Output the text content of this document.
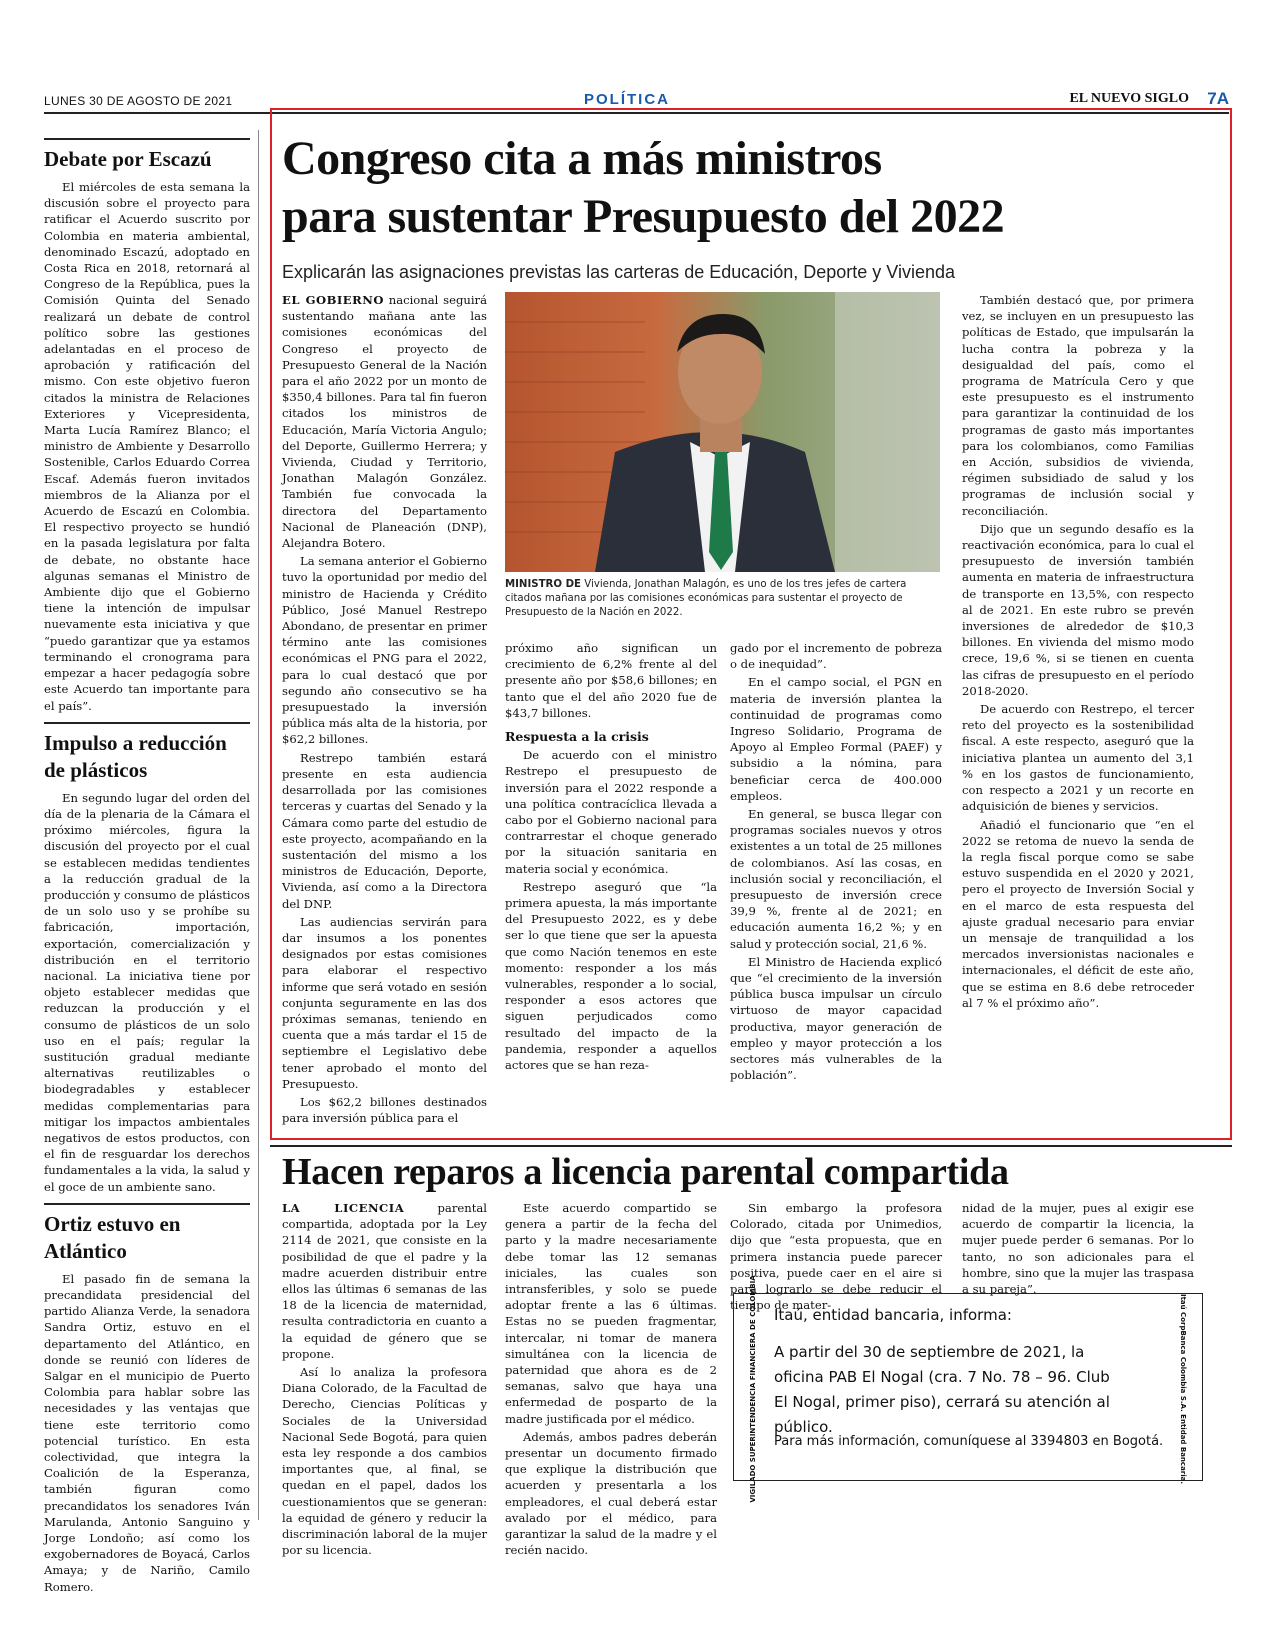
LUNES 30 DE AGOSTO DE 2021	POLÍTICA	EL NUEVO SIGLO 7A
Debate por Escazú

El miércoles de esta semana la discusión sobre el proyecto para ratificar el Acuerdo suscrito por Colombia en materia ambiental, denominado Escazú, adoptado en Costa Rica en 2018, retornará al Congreso de la República, pues la Comisión Quinta del Senado realizará un debate de control político sobre las gestiones adelantadas en el proceso de aprobación y ratificación del mismo. Con este objetivo fueron citados la ministra de Relaciones Exteriores y Vicepresidenta, Marta Lucía Ramírez Blanco; el ministro de Ambiente y Desarrollo Sostenible, Carlos Eduardo Correa Escaf. Además fueron invitados miembros de la Alianza por el Acuerdo de Escazú en Colombia. El respectivo proyecto se hundió en la pasada legislatura por falta de debate, no obstante hace algunas semanas el Ministro de Ambiente dijo que el Gobierno tiene la intención de impulsar nuevamente esta iniciativa y que “puedo garantizar que ya estamos terminando el cronograma para empezar a hacer pedagogía sobre este Acuerdo tan importante para el país”.

Impulso a reducción de plásticos

En segundo lugar del orden del día de la plenaria de la Cámara el próximo miércoles, figura la discusión del proyecto por el cual se establecen medidas tendientes a la reducción gradual de la producción y consumo de plásticos de un solo uso y se prohíbe su fabricación, importación, exportación, comercialización y distribución en el territorio nacional. La iniciativa tiene por objeto establecer medidas que reduzcan la producción y el consumo de plásticos de un solo uso en el país; regular la sustitución gradual mediante alternativas reutilizables o biodegradables y establecer medidas complementarias para mitigar los impactos ambientales negativos de estos productos, con el fin de resguardar los derechos fundamentales a la vida, la salud y el goce de un ambiente sano.

Ortiz estuvo en Atlántico

El pasado fin de semana la precandidata presidencial del partido Alianza Verde, la senadora Sandra Ortiz, estuvo en el departamento del Atlántico, en donde se reunió con líderes de Salgar en el municipio de Puerto Colombia para hablar sobre las necesidades y las ventajas que tiene este territorio como potencial turístico. En esta colectividad, que integra la Coalición de la Esperanza, también figuran como precandidatos los senadores Iván Marulanda, Antonio Sanguino y Jorge Londoño; así como los exgobernadores de Boyacá, Carlos Amaya; y de Nariño, Camilo Romero.

Congreso cita a más ministros
para sustentar Presupuesto del 2022
Explicarán las asignaciones previstas las carteras de Educación, Deporte y Vivienda

EL GOBIERNO nacional seguirá sustentando mañana ante las comisiones económicas del Congreso el proyecto de Presupuesto General de la Nación para el año 2022 por un monto de $350,4 billones. Para tal fin fueron citados los ministros de Educación, María Victoria Angulo; del Deporte, Guillermo Herrera; y Vivienda, Ciudad y Territorio, Jonathan Malagón González. También fue convocada la directora del Departamento Nacional de Planeación (DNP), Alejandra Botero.

La semana anterior el Gobierno tuvo la oportunidad por medio del ministro de Hacienda y Crédito Público, José Manuel Restrepo Abondano, de presentar en primer término ante las comisiones económicas el PNG para el 2022, para lo cual destacó que por segundo año consecutivo se ha presupuestado la inversión pública más alta de la historia, por $62,2 billones.

Restrepo también estará presente en esta audiencia desarrollada por las comisiones terceras y cuartas del Senado y la Cámara como parte del estudio de este proyecto, acompañando en la sustentación del mismo a los ministros de Educación, Deporte, Vivienda, así como a la Directora del DNP.

Las audiencias servirán para dar insumos a los ponentes designados por estas comisiones para elaborar el respectivo informe que será votado en sesión conjunta seguramente en las dos próximas semanas, teniendo en cuenta que a más tardar el 15 de septiembre el Legislativo debe tener aprobado el monto del Presupuesto.

Los $62,2 billones destinados para inversión pública para el

MINISTRO DE Vivienda, Jonathan Malagón, es uno de los tres jefes de cartera citados mañana por las comisiones económicas para sustentar el proyecto de Presupuesto de la Nación en 2022.

También destacó que, por primera vez, se incluyen en un presupuesto las políticas de Estado, que impulsarán la lucha contra la pobreza y la desigualdad del país, como el programa de Matrícula Cero y que este presupuesto es el instrumento para garantizar la continuidad de los programas de gasto más importantes para los colombianos, como Familias en Acción, subsidios de vivienda, régimen subsidiado de salud y los programas de inclusión social y reconciliación.

Dijo que un segundo desafío es la reactivación económica, para lo cual el presupuesto de inversión también aumenta en materia de infraestructura de transporte en 13,5%, con respecto al de 2021. En este rubro se prevén inversiones de alrededor de $10,3 billones. En vivienda del mismo modo crece, 19,6 %, si se tienen en cuenta las cifras de presupuesto en el período 2018-2020.

De acuerdo con Restrepo, el tercer reto del proyecto es la sostenibilidad fiscal. A este respecto, aseguró que la iniciativa plantea un aumento del 3,1 % en los gastos de funcionamiento, con respecto a 2021 y un recorte en adquisición de bienes y servicios.

Añadió el funcionario que “en el 2022 se retoma de nuevo la senda de la regla fiscal porque como se sabe estuvo suspendida en el 2020 y 2021, pero el proyecto de Inversión Social y en el marco de esta respuesta del ajuste gradual necesario para enviar un mensaje de tranquilidad a los mercados inversionistas nacionales e internacionales, el déficit de este año, que se estima en 8.6 debe retroceder al 7 % el próximo año”.

próximo año significan un crecimiento de 6,2% frente al del presente año por $58,6 billones; en tanto que el del año 2020 fue de $43,7 billones.

Respuesta a la crisis

De acuerdo con el ministro Restrepo el presupuesto de inversión para el 2022 responde a una política contracíclica llevada a cabo por el Gobierno nacional para contrarrestar el choque generado por la situación sanitaria en materia social y económica.

Restrepo aseguró que “la primera apuesta, la más importante del Presupuesto 2022, es y debe ser lo que tiene que ser la apuesta que como Nación tenemos en este momento: responder a los más vulnerables, responder a lo social, responder a esos actores que siguen perjudicados como resultado del impacto de la pandemia, responder a aquellos actores que se han reza-

gado por el incremento de pobreza o de inequidad”.

En el campo social, el PGN en materia de inversión plantea la continuidad de programas como Ingreso Solidario, Programa de Apoyo al Empleo Formal (PAEF) y subsidio a la nómina, para beneficiar cerca de 400.000 empleos.

En general, se busca llegar con programas sociales nuevos y otros existentes a un total de 25 millones de colombianos. Así las cosas, en inclusión social y reconciliación, el presupuesto de inversión crece 39,9 %, frente al de 2021; en educación aumenta 16,2 %; y en salud y protección social, 21,6 %.

El Ministro de Hacienda explicó que “el crecimiento de la inversión pública busca impulsar un círculo virtuoso de mayor capacidad productiva, mayor generación de empleo y mayor protección a los sectores más vulnerables de la población”.

Hacen reparos a licencia parental compartida

LA LICENCIA parental compartida, adoptada por la Ley 2114 de 2021, que consiste en la posibilidad de que el padre y la madre acuerden distribuir entre ellos las últimas 6 semanas de las 18 de la licencia de maternidad, resulta contradictoria en cuanto a la equidad de género que se propone.

Así lo analiza la profesora Diana Colorado, de la Facultad de Derecho, Ciencias Políticas y Sociales de la Universidad Nacional Sede Bogotá, para quien esta ley responde a dos cambios importantes que, al final, se quedan en el papel, dados los cuestionamientos que se generan: la equidad de género y reducir la discriminación laboral de la mujer por su licencia.

Este acuerdo compartido se genera a partir de la fecha del parto y la madre necesariamente debe tomar las 12 semanas iniciales, las cuales son intransferibles, y solo se puede adoptar frente a las 6 últimas. Estas no se pueden fragmentar, intercalar, ni tomar de manera simultánea con la licencia de paternidad que ahora es de 2 semanas, salvo que haya una enfermedad de posparto de la madre justificada por el médico.

Además, ambos padres deberán presentar un documento firmado que explique la distribución que acuerden y presentarla a los empleadores, el cual deberá estar avalado por el médico, para garantizar la salud de la madre y el recién nacido.

Sin embargo la profesora Colorado, citada por Unimedios, dijo que “esta propuesta, que en primera instancia puede parecer positiva, puede caer en el aire si para lograrlo se debe reducir el tiempo de mater-

nidad de la mujer, pues al exigir ese acuerdo de compartir la licencia, la mujer puede perder 6 semanas. Por lo tanto, no son adicionales para el hombre, sino que la mujer las traspasa a su pareja”.

VIGILADO SUPERINTENDENCIA FINANCIERA DE COLOMBIA Itaú, entidad bancaria, informa:
A partir del 30 de septiembre de 2021, la oficina PAB El Nogal (cra. 7 No. 78 – 96. Club El Nogal, primer piso), cerrará su atención al público.
Para más información, comuníquese al 3394803 en Bogotá. Itaú CorpBanca Colombia S.A. Entidad Bancaria.
